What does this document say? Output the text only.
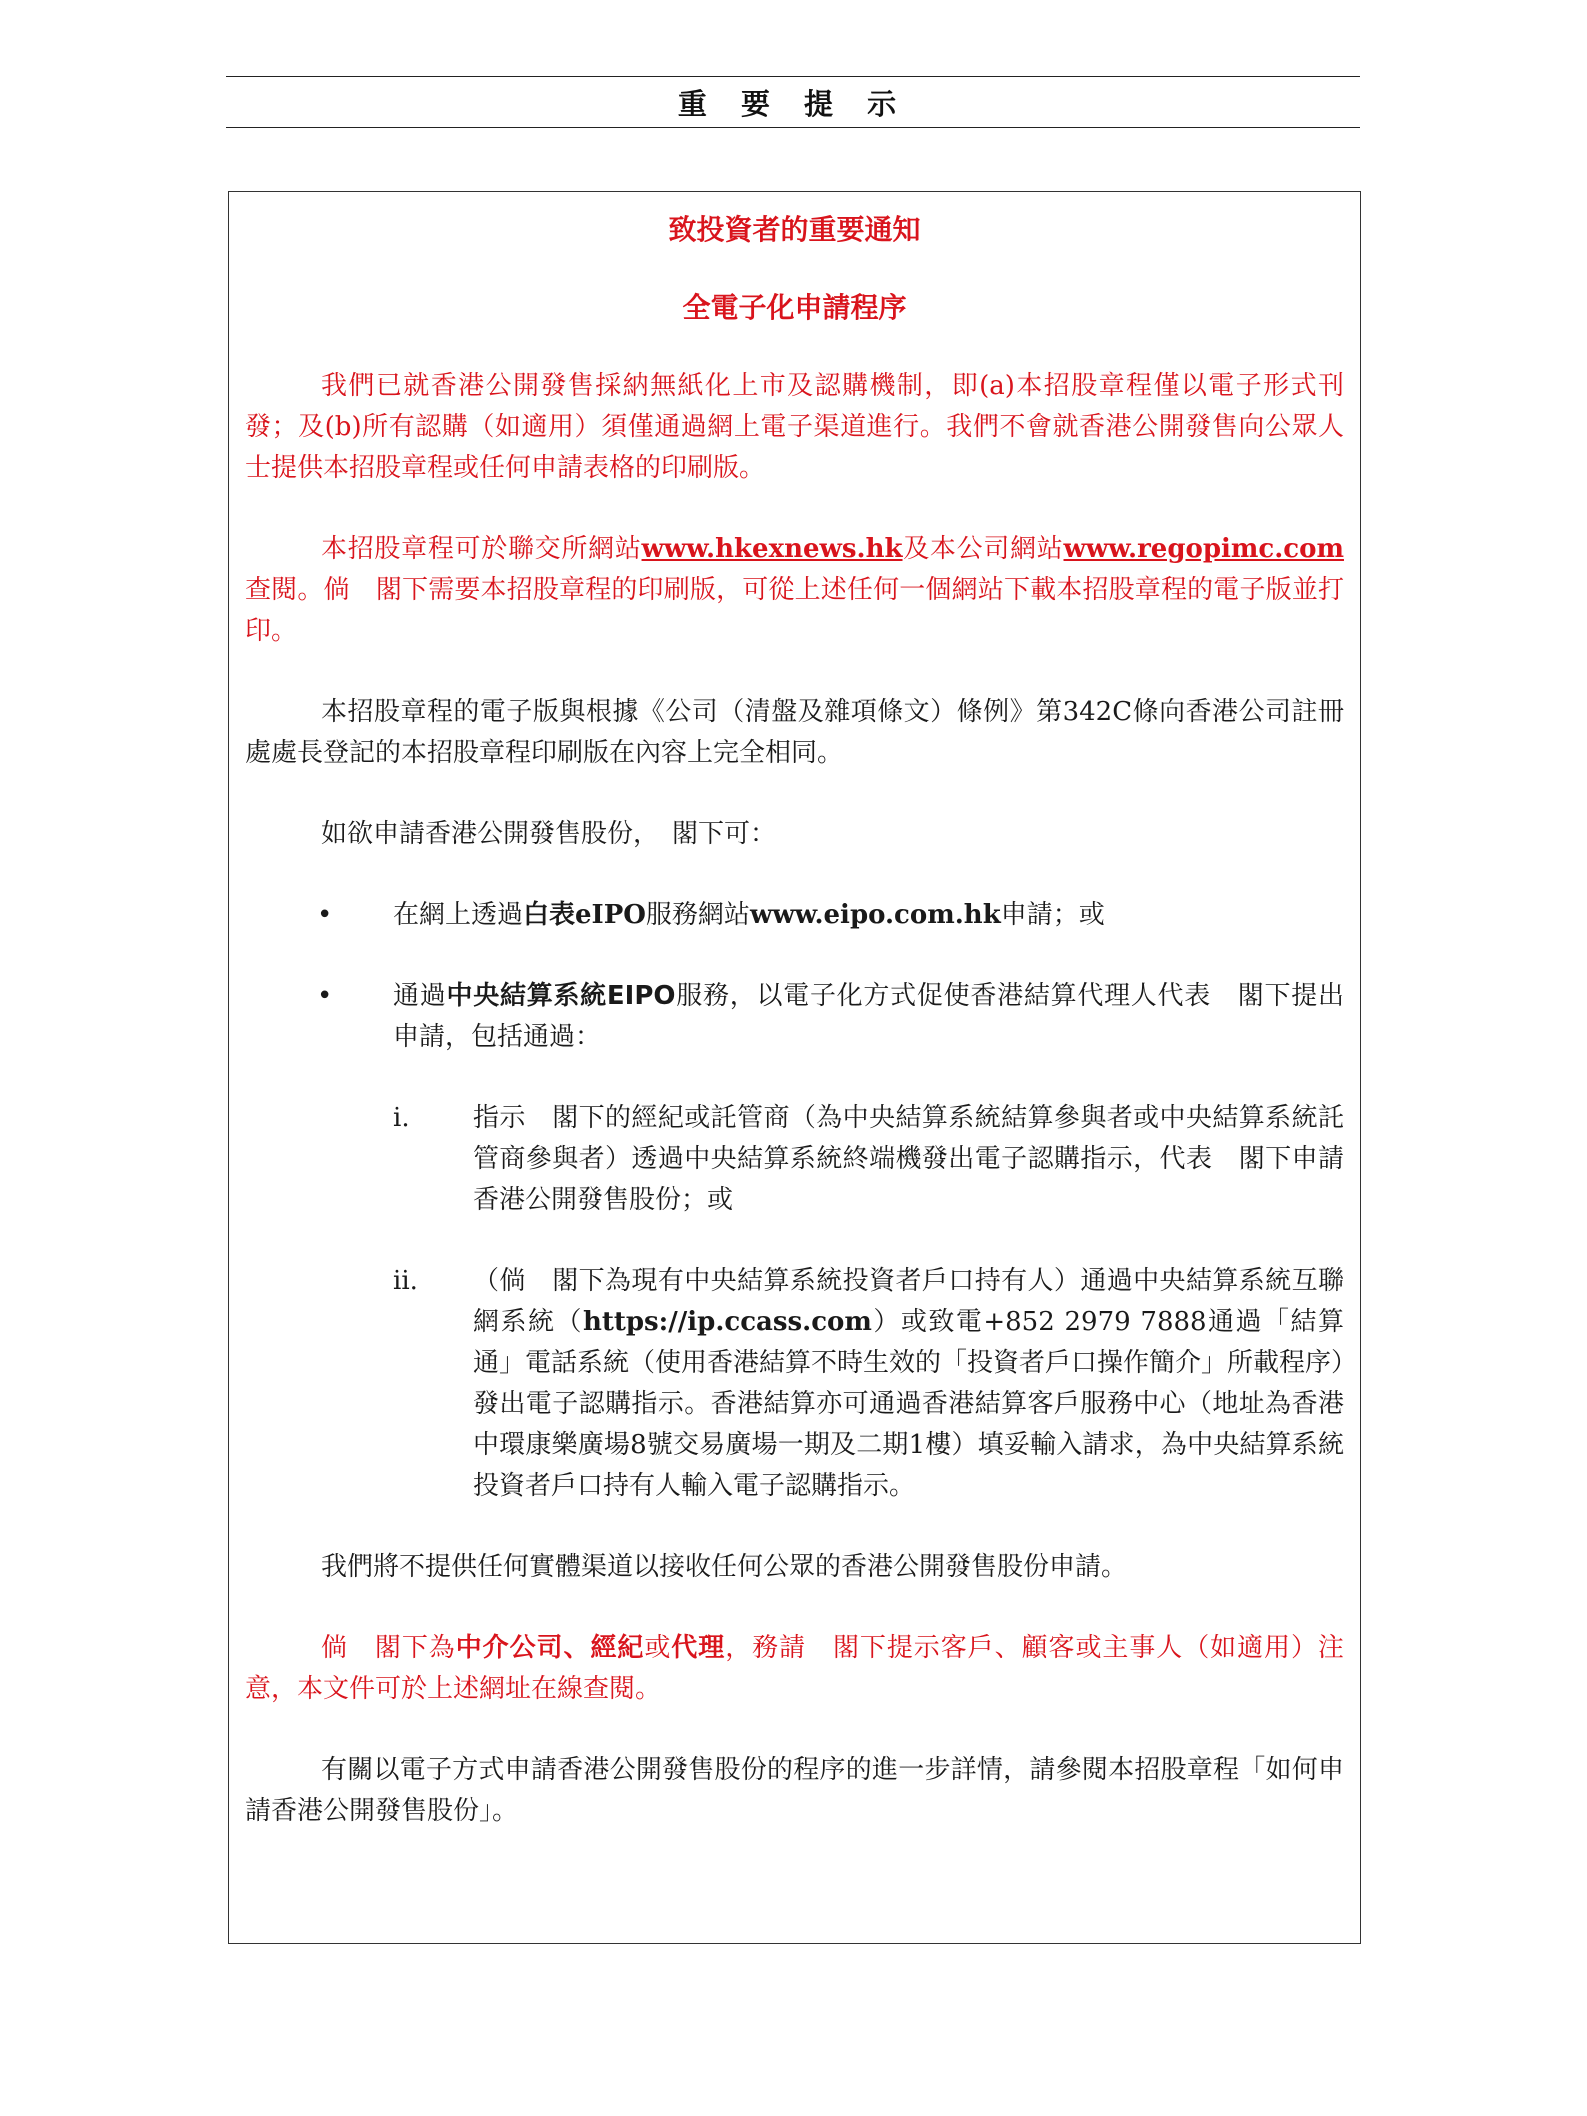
重 要 提 示
致投資者的重要通知
全電子化申請程序

我們已就香港公開發售採納無紙化上市及認購機制，即(a)本招股章程僅以電子形式刊發；及(b)所有認購（如適用）須僅通過網上電子渠道進行。我們不會就香港公開發售向公眾人士提供本招股章程或任何申請表格的印刷版。

本招股章程可於聯交所網站www.hkexnews.hk及本公司網站www.regopimc.com查閱。倘　閣下需要本招股章程的印刷版，可從上述任何一個網站下載本招股章程的電子版並打印。

本招股章程的電子版與根據《公司（清盤及雜項條文）條例》第342C條向香港公司註冊處處長登記的本招股章程印刷版在內容上完全相同。

如欲申請香港公開發售股份，　閣下可：

• 在網上透過白表eIPO服務網站www.eipo.com.hk申請；或
• 通過中央結算系統EIPO服務，以電子化方式促使香港結算代理人代表　閣下提出申請，包括通過：
i. 指示　閣下的經紀或託管商（為中央結算系統結算參與者或中央結算系統託管商參與者）透過中央結算系統終端機發出電子認購指示，代表　閣下申請香港公開發售股份；或
ii. （倘　閣下為現有中央結算系統投資者戶口持有人）通過中央結算系統互聯網系統（https://ip.ccass.com）或致電+852 2979 7888通過「結算通」電話系統（使用香港結算不時生效的「投資者戶口操作簡介」所載程序）發出電子認購指示。香港結算亦可通過香港結算客戶服務中心（地址為香港中環康樂廣場8號交易廣場一期及二期1樓）填妥輸入請求，為中央結算系統投資者戶口持有人輸入電子認購指示。

我們將不提供任何實體渠道以接收任何公眾的香港公開發售股份申請。

倘　閣下為中介公司、經紀或代理，務請　閣下提示客戶、顧客或主事人（如適用）注意，本文件可於上述網址在線查閱。

有關以電子方式申請香港公開發售股份的程序的進一步詳情，請參閱本招股章程「如何申請香港公開發售股份」。
